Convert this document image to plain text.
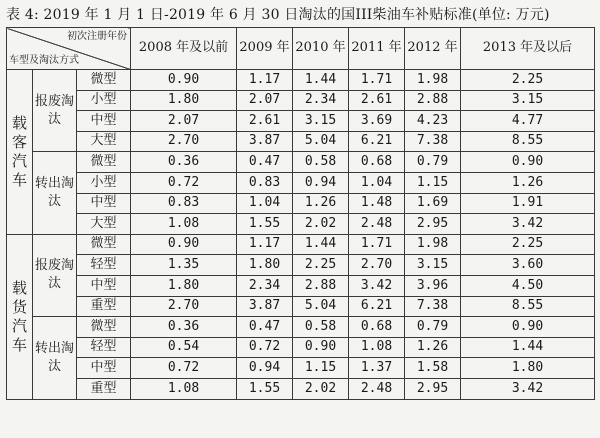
表 4: 2019 年 1 月 1 日-2019 年 6 月 30 日淘汰的国III柴油车补贴标准(单位: 万元)
初次注册年份
车型及淘汰方式			2008 年及以前	2009 年	2010 年	2011 年	2012 年	2013 年及以后
载客汽车	报废淘汰	微型	0.90	1.17	1.44	1.71	1.98	2.25
		小型	1.80	2.07	2.34	2.61	2.88	3.15
		中型	2.07	2.61	3.15	3.69	4.23	4.77
		大型	2.70	3.87	5.04	6.21	7.38	8.55

	转出淘汰	微型	0.36	0.47	0.58	0.68	0.79	0.90
		小型	0.72	0.83	0.94	1.04	1.15	1.26
		中型	0.83	1.04	1.26	1.48	1.69	1.91
		大型	1.08	1.55	2.02	2.48	2.95	3.42
载货汽车	报废淘汰	微型	0.90	1.17	1.44	1.71	1.98	2.25
		轻型	1.35	1.80	2.25	2.70	3.15	3.60
		中型	1.80	2.34	2.88	3.42	3.96	4.50
		重型	2.70	3.87	5.04	6.21	7.38	8.55

	转出淘汰	微型	0.36	0.47	0.58	0.68	0.79	0.90
		轻型	0.54	0.72	0.90	1.08	1.26	1.44
		中型	0.72	0.94	1.15	1.37	1.58	1.80
		重型	1.08	1.55	2.02	2.48	2.95	3.42
